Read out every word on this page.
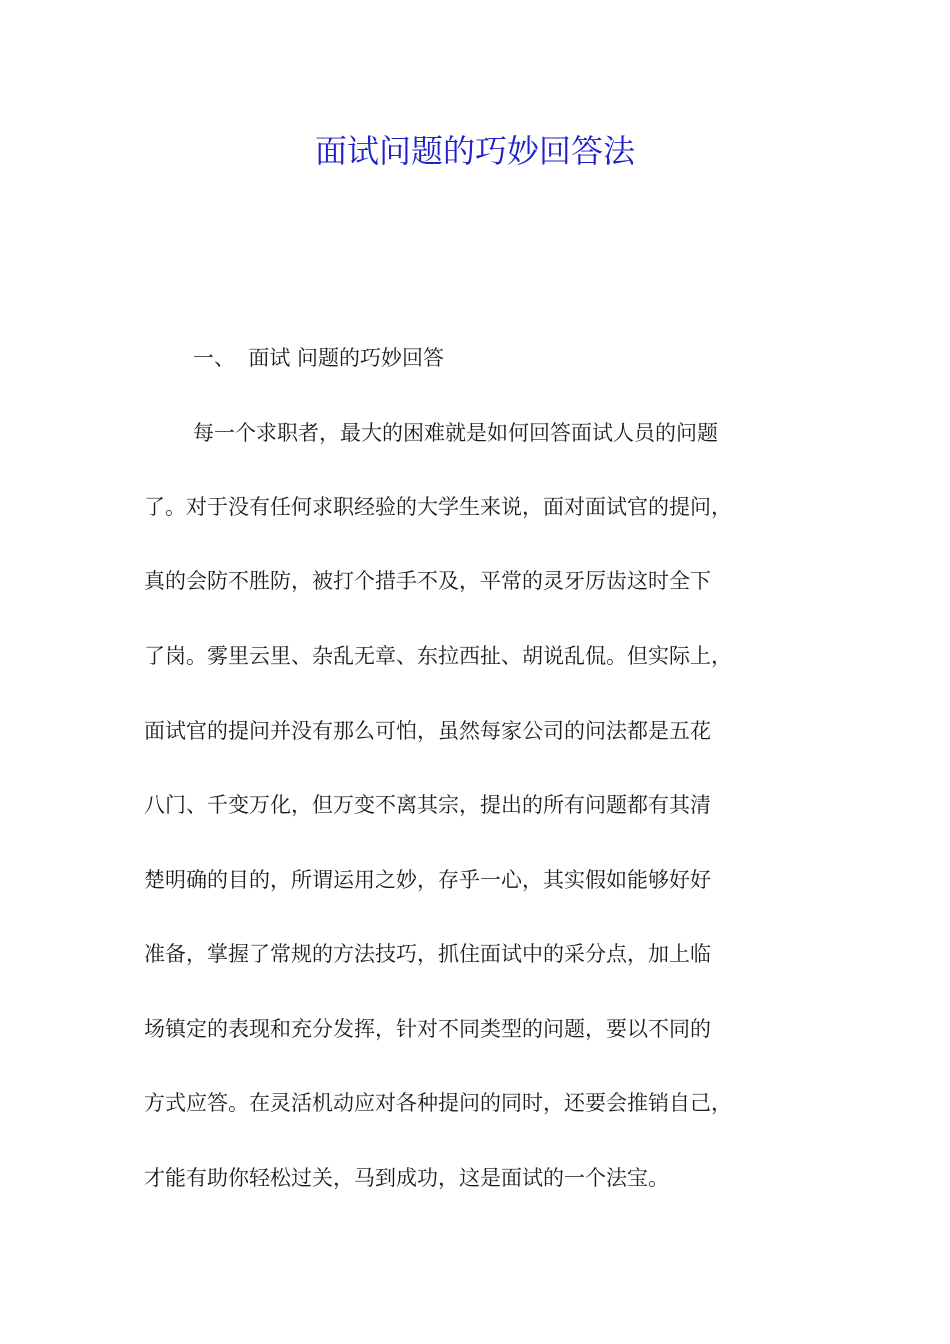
面试问题的巧妙回答法

一、  面试 问题的巧妙回答

每一个求职者，最大的困难就是如何回答面试人员的问题

了。对于没有任何求职经验的大学生来说，面对面试官的提问，

真的会防不胜防，被打个措手不及，平常的灵牙厉齿这时全下

了岗。雾里云里、杂乱无章、东拉西扯、胡说乱侃。但实际上，

面试官的提问并没有那么可怕，虽然每家公司的问法都是五花

八门、千变万化，但万变不离其宗，提出的所有问题都有其清

楚明确的目的，所谓运用之妙，存乎一心，其实假如能够好好

准备，掌握了常规的方法技巧，抓住面试中的采分点，加上临

场镇定的表现和充分发挥，针对不同类型的问题，要以不同的

方式应答。在灵活机动应对各种提问的同时，还要会推销自己，

才能有助你轻松过关，马到成功，这是面试的一个法宝。
